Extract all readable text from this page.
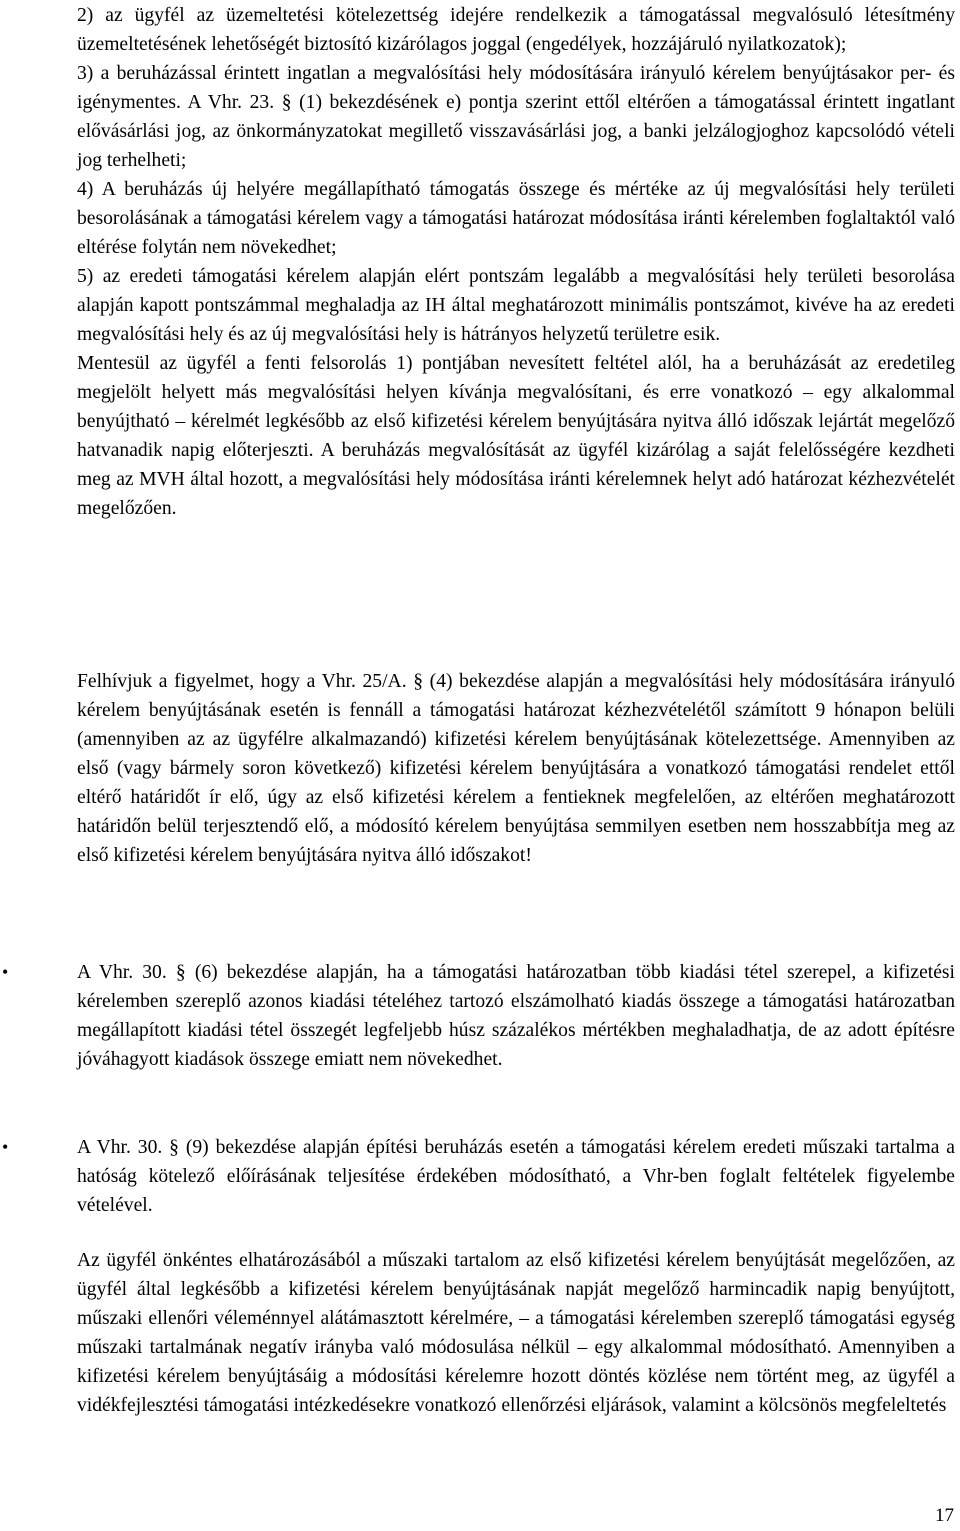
2) az ügyfél az üzemeltetési kötelezettség idejére rendelkezik a támogatással megvalósuló létesítmény üzemeltetésének lehetőségét biztosító kizárólagos joggal (engedélyek, hozzájáruló nyilatkozatok);

3) a beruházással érintett ingatlan a megvalósítási hely módosítására irányuló kérelem benyújtásakor per- és igénymentes. A Vhr. 23. § (1) bekezdésének e) pontja szerint ettől eltérően a támogatással érintett ingatlant elővásárlási jog, az önkormányzatokat megillető visszavásárlási jog, a banki jelzálogjoghoz kapcsolódó vételi jog terhelheti;

4) A beruházás új helyére megállapítható támogatás összege és mértéke az új megvalósítási hely területi besorolásának a támogatási kérelem vagy a támogatási határozat módosítása iránti kérelemben foglaltaktól való eltérése folytán nem növekedhet;

5) az eredeti támogatási kérelem alapján elért pontszám legalább a megvalósítási hely területi besorolása alapján kapott pontszámmal meghaladja az IH által meghatározott minimális pontszámot, kivéve ha az eredeti megvalósítási hely és az új megvalósítási hely is hátrányos helyzetű területre esik.

Mentesül az ügyfél a fenti felsorolás 1) pontjában nevesített feltétel alól, ha a beruházását az eredetileg megjelölt helyett más megvalósítási helyen kívánja megvalósítani, és erre vonatkozó – egy alkalommal benyújtható – kérelmét legkésőbb az első kifizetési kérelem benyújtására nyitva álló időszak lejártát megelőző hatvanadik napig előterjeszti. A beruházás megvalósítását az ügyfél kizárólag a saját felelősségére kezdheti meg az MVH által hozott, a megvalósítási hely módosítása iránti kérelemnek helyt adó határozat kézhezvételét megelőzően.

Felhívjuk a figyelmet, hogy a Vhr. 25/A. § (4) bekezdése alapján a megvalósítási hely módosítására irányuló kérelem benyújtásának esetén is fennáll a támogatási határozat kézhezvételétől számított 9 hónapon belüli (amennyiben az az ügyfélre alkalmazandó) kifizetési kérelem benyújtásának kötelezettsége. Amennyiben az első (vagy bármely soron következő) kifizetési kérelem benyújtására a vonatkozó támogatási rendelet ettől eltérő határidőt ír elő, úgy az első kifizetési kérelem a fentieknek megfelelően, az eltérően meghatározott határidőn belül terjesztendő elő, a módosító kérelem benyújtása semmilyen esetben nem hosszabbítja meg az első kifizetési kérelem benyújtására nyitva álló időszakot!

•	A Vhr. 30. § (6) bekezdése alapján, ha a támogatási határozatban több kiadási tétel szerepel, a kifizetési kérelemben szereplő azonos kiadási tételéhez tartozó elszámolható kiadás összege a támogatási határozatban megállapított kiadási tétel összegét legfeljebb húsz százalékos mértékben meghaladhatja, de az adott építésre jóváhagyott kiadások összege emiatt nem növekedhet.

•	A Vhr. 30. § (9) bekezdése alapján építési beruházás esetén a támogatási kérelem eredeti műszaki tartalma a hatóság kötelező előírásának teljesítése érdekében módosítható, a Vhr-ben foglalt feltételek figyelembe vételével.

Az ügyfél önkéntes elhatározásából a műszaki tartalom az első kifizetési kérelem benyújtását megelőzően, az ügyfél által legkésőbb a kifizetési kérelem benyújtásának napját megelőző harmincadik napig benyújtott, műszaki ellenőri véleménnyel alátámasztott kérelmére, – a támogatási kérelemben szereplő támogatási egység műszaki tartalmának negatív irányba való módosulása nélkül – egy alkalommal módosítható. Amennyiben a kifizetési kérelem benyújtásáig a módosítási kérelemre hozott döntés közlése nem történt meg, az ügyfél a vidékfejlesztési támogatási intézkedésekre vonatkozó ellenőrzési eljárások, valamint a kölcsönös megfeleltetés

17
